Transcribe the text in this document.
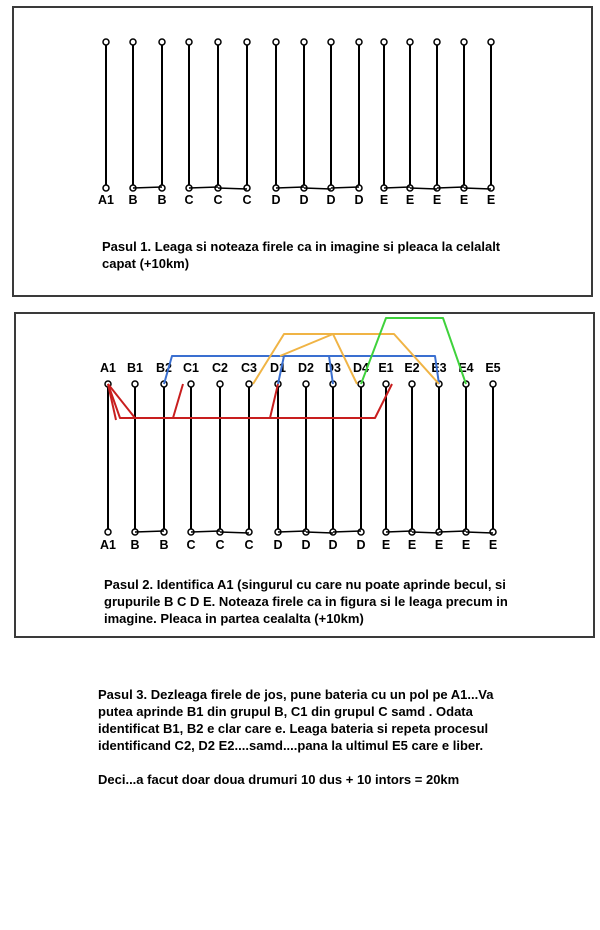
A1 B B C C C D D D D E E E E E
Pasul 1. Leaga si noteaza firele ca in imagine si pleaca la celalalt capat (+10km)
A1 B1 B2 C1 C2 C3 D1 D2 D3 D4 E1 E2 E3 E4 E5
A1 B B C C C D D D D E E E E E
Pasul 2. Identifica A1 (singurul cu care nu poate aprinde becul, si grupurile B C D E. Noteaza firele ca in figura si le leaga precum in imagine. Pleaca in partea cealalta (+10km)

Pasul 3. Dezleaga firele de jos, pune bateria cu un pol pe A1...Va putea aprinde B1 din grupul B, C1 din grupul C samd . Odata identificat B1, B2 e clar care e. Leaga bateria si repeta procesul identificand C2, D2 E2....samd....pana la ultimul E5 care e liber.

Deci...a facut doar doua drumuri 10 dus + 10 intors = 20km
